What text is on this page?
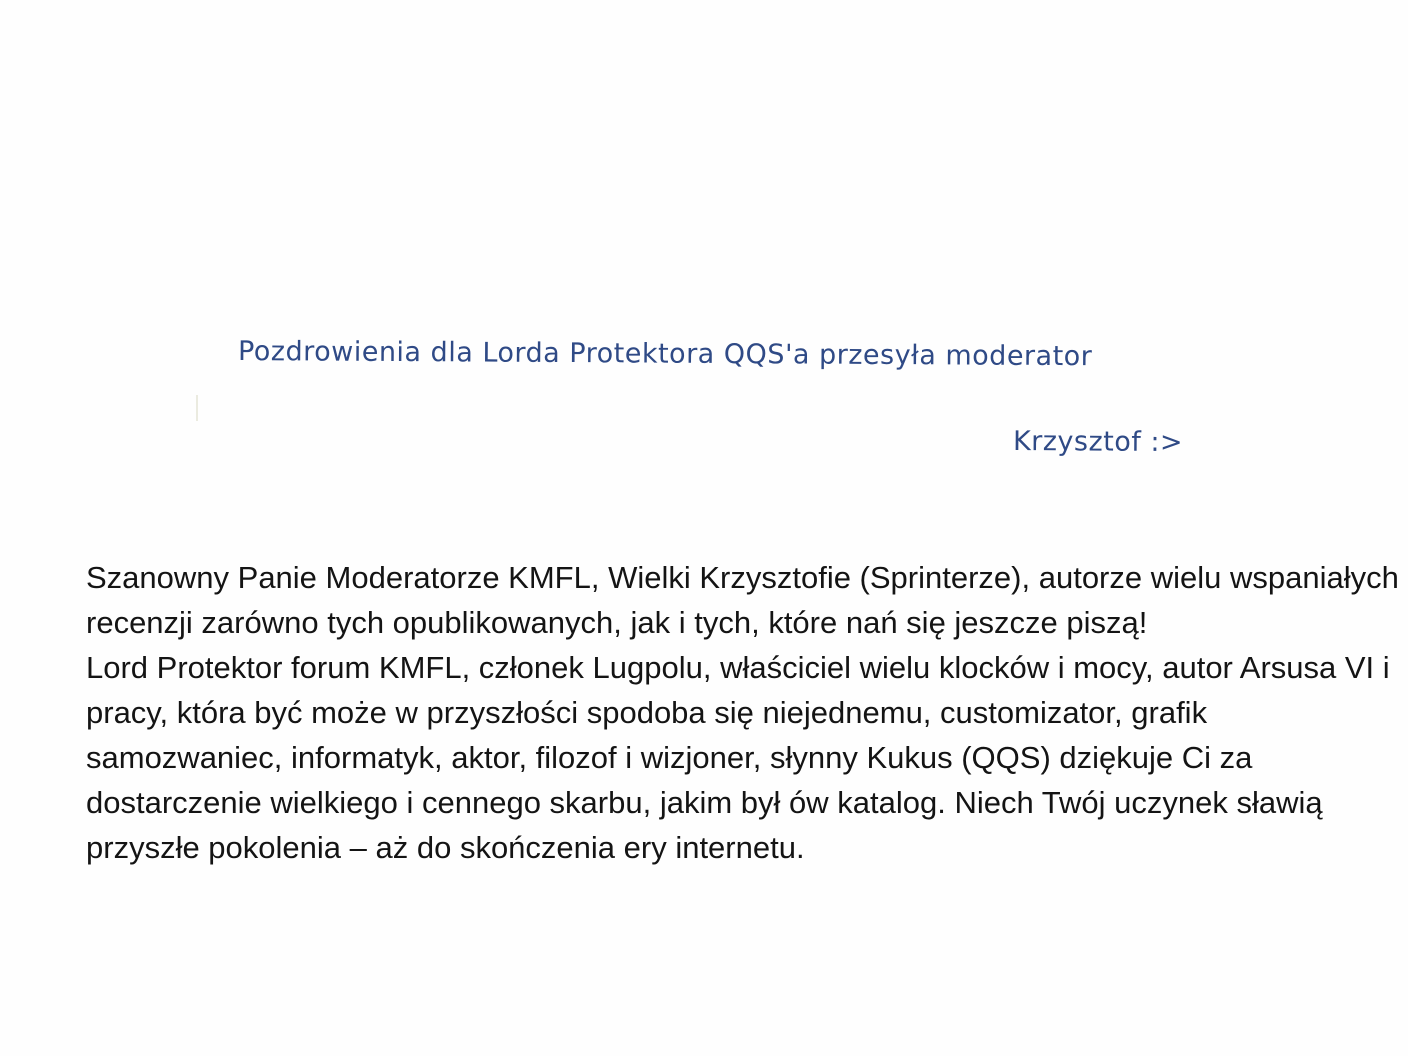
Pozdrowienia dla Lorda Protektora QQS'a przesyła moderator
Krzysztof :>

Szanowny Panie Moderatorze KMFL, Wielki Krzysztofie (Sprinterze), autorze wielu wspaniałych recenzji zarówno tych opublikowanych, jak i tych, które nań się jeszcze piszą!

Lord Protektor forum KMFL, członek Lugpolu, właściciel wielu klocków i mocy, autor Arsusa VI i pracy, która być może w przyszłości spodoba się niejednemu, customizator, grafik samozwaniec, informatyk, aktor, filozof i wizjoner, słynny Kukus (QQS) dziękuje Ci za dostarczenie wielkiego i cennego skarbu, jakim był ów katalog. Niech Twój uczynek sławią przyszłe pokolenia – aż do skończenia ery internetu.
